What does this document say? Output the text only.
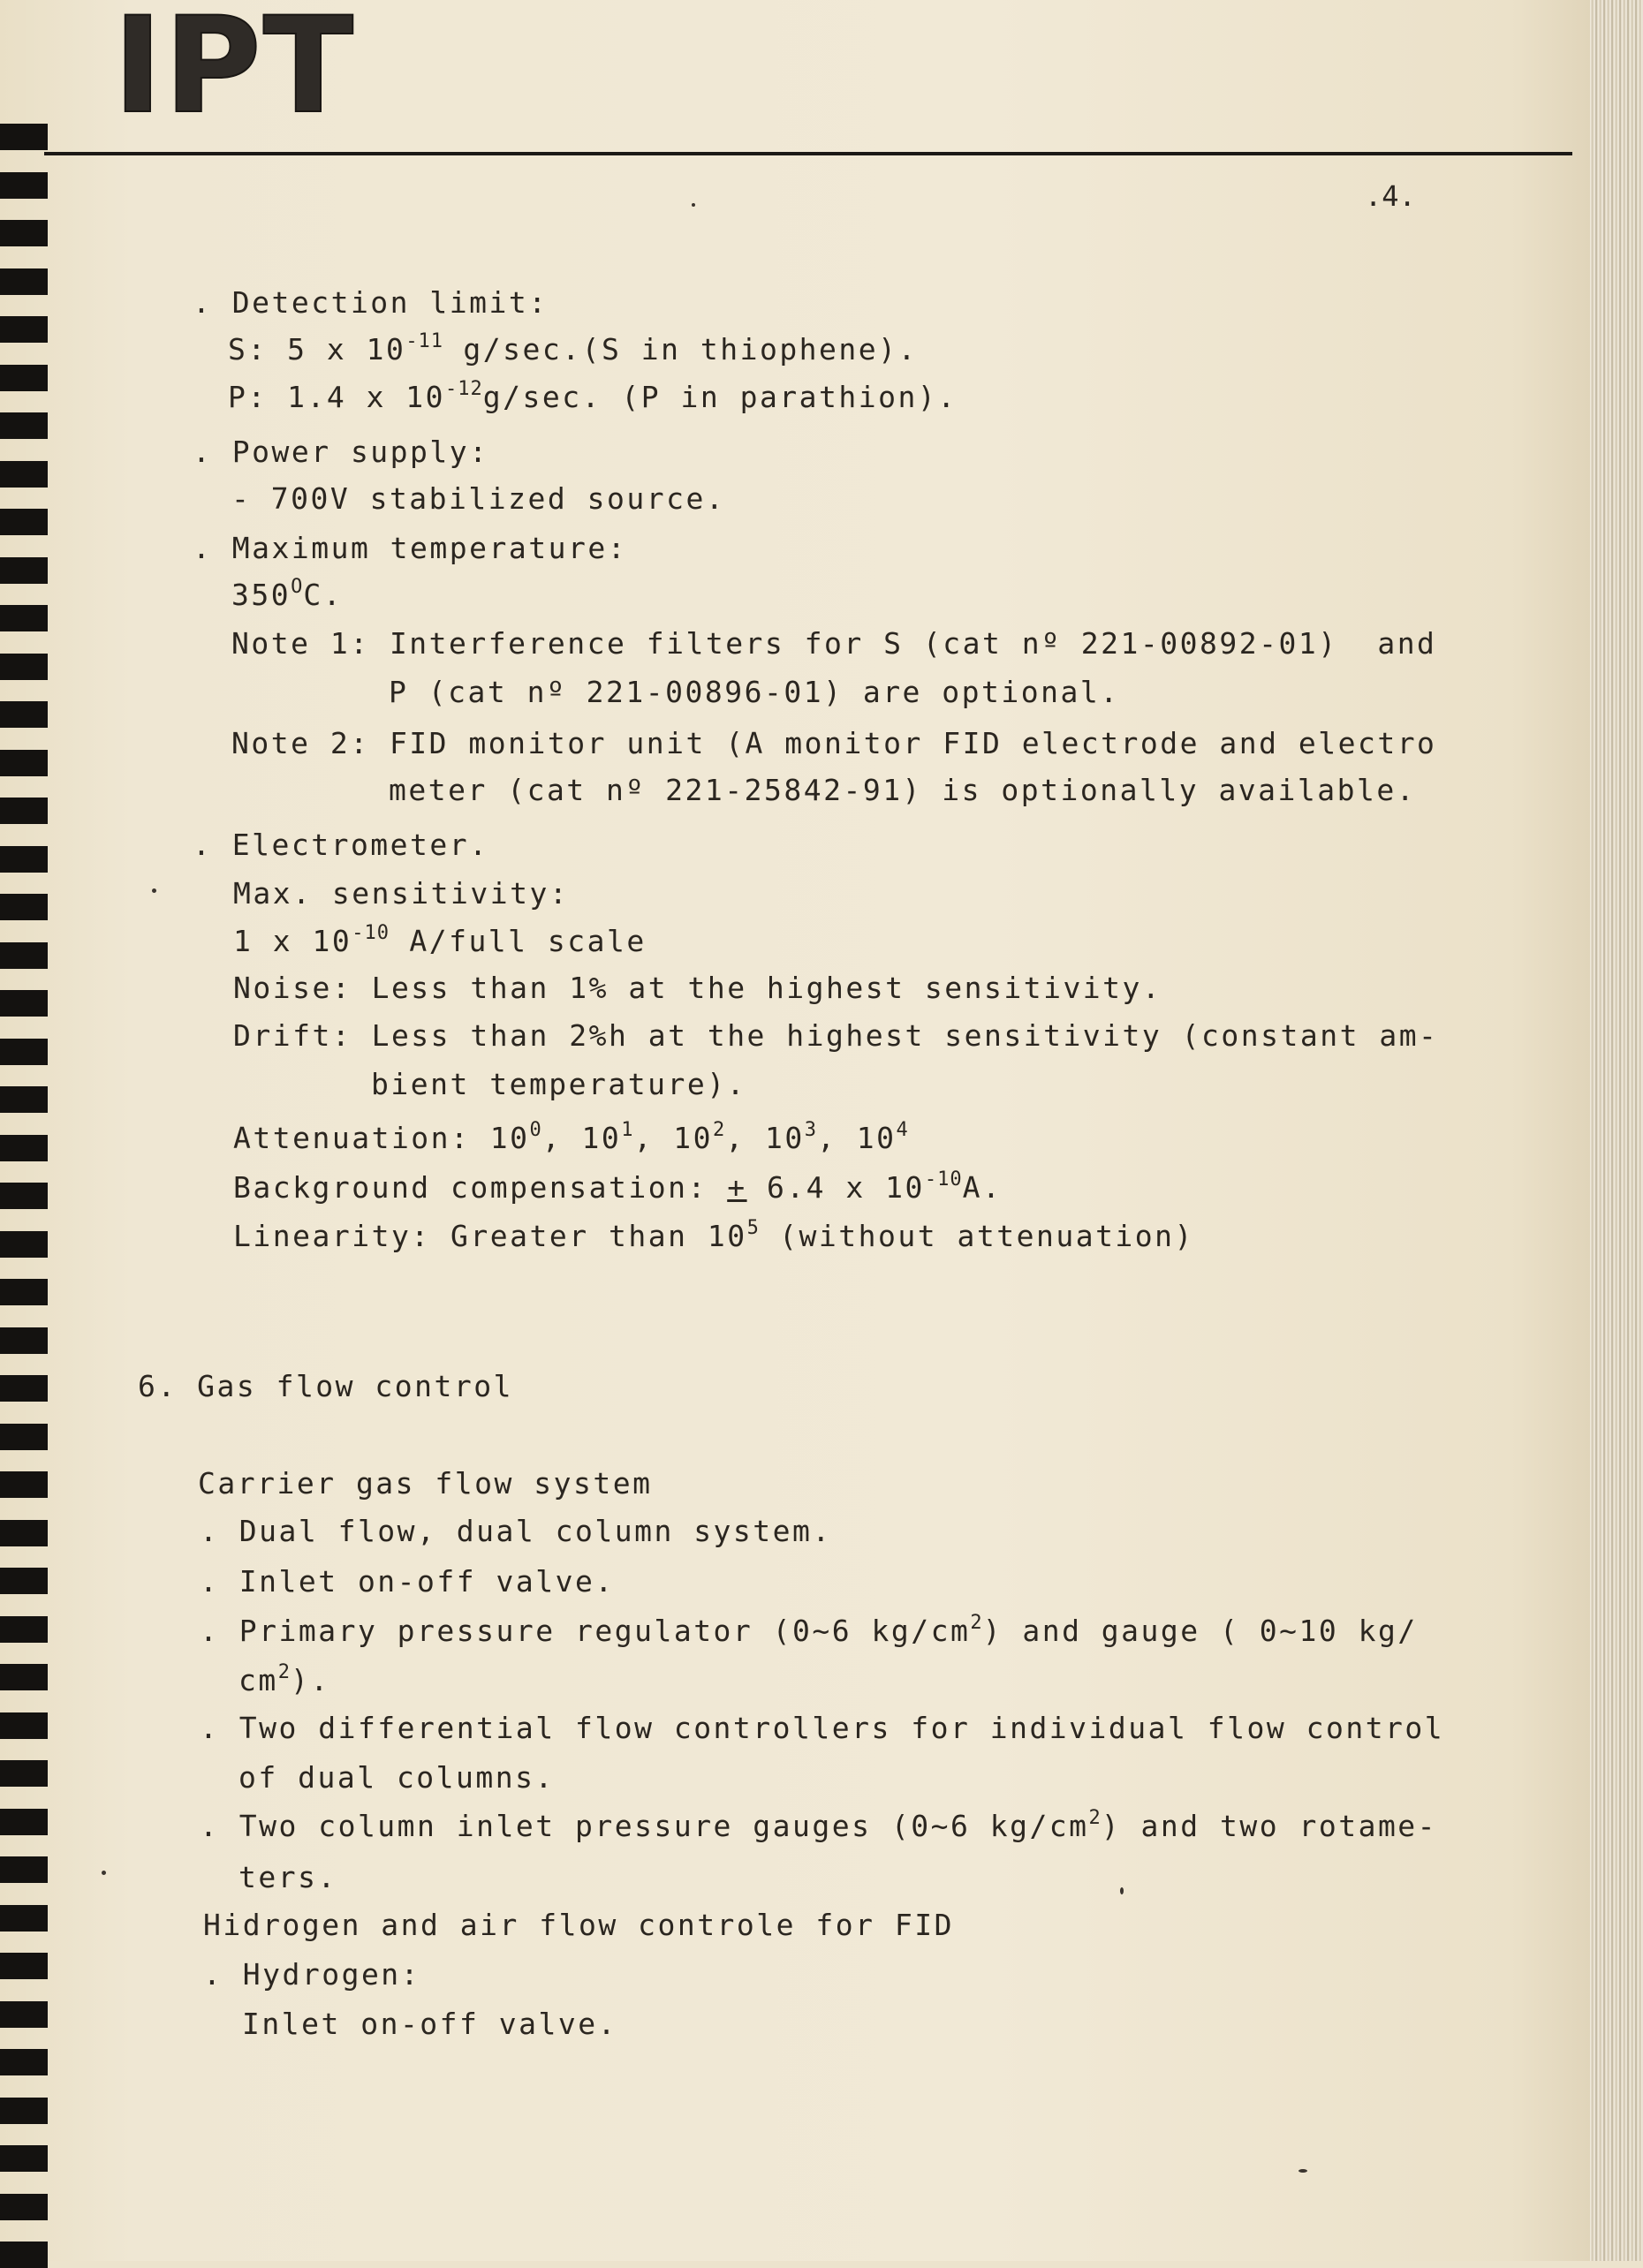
IPT
.4.
. Detection limit:
S: 5 x $10^{-11}$ g/sec.(S in thiophene).
P: 1.4 x $10^{-12}g/\sec$. (P in parathion).
. Power supply:
- 700V stabilized source.
. Maximum temperature:
$350^OC$.
Note 1: Interference filters for S (cat nº 221-00892-01)  and
P (cat nº 221-00896-01) are optional.
Note 2: FID monitor unit (A monitor FID electrode and electro
meter (cat nº 221-25842-91) is optionally available.
. Electrometer.
Max. sensitivity:
1 x $10^{-10}$ A/full scale
Noise: Less than 1% at the highest sensitivity.
Drift: Less than 2%h at the highest sensitivity (constant am-
bient temperature).
Attenuation: $10^0$, $10^1$, $10^2$, $10^3$, $10^4$
Background compensation: + 6.4 x $10^{-10}A$.
Linearity: Greater than $10^5$ (without attenuation)
6. Gas flow control
Carrier gas flow system
. Dual flow, dual column system.
. Inlet on-off valve.
. Primary pressure regulator (0~6 $kg/cm^2$) and gauge ( 0~10 kg/
$cm^2$).
. Two differential flow controllers for individual flow control
of dual columns.
. Two column inlet pressure gauges (0~6 $kg/cm^2$) and two rotame-
ters.
Hidrogen and air flow controle for FID
. Hydrogen:
Inlet on-off valve.
